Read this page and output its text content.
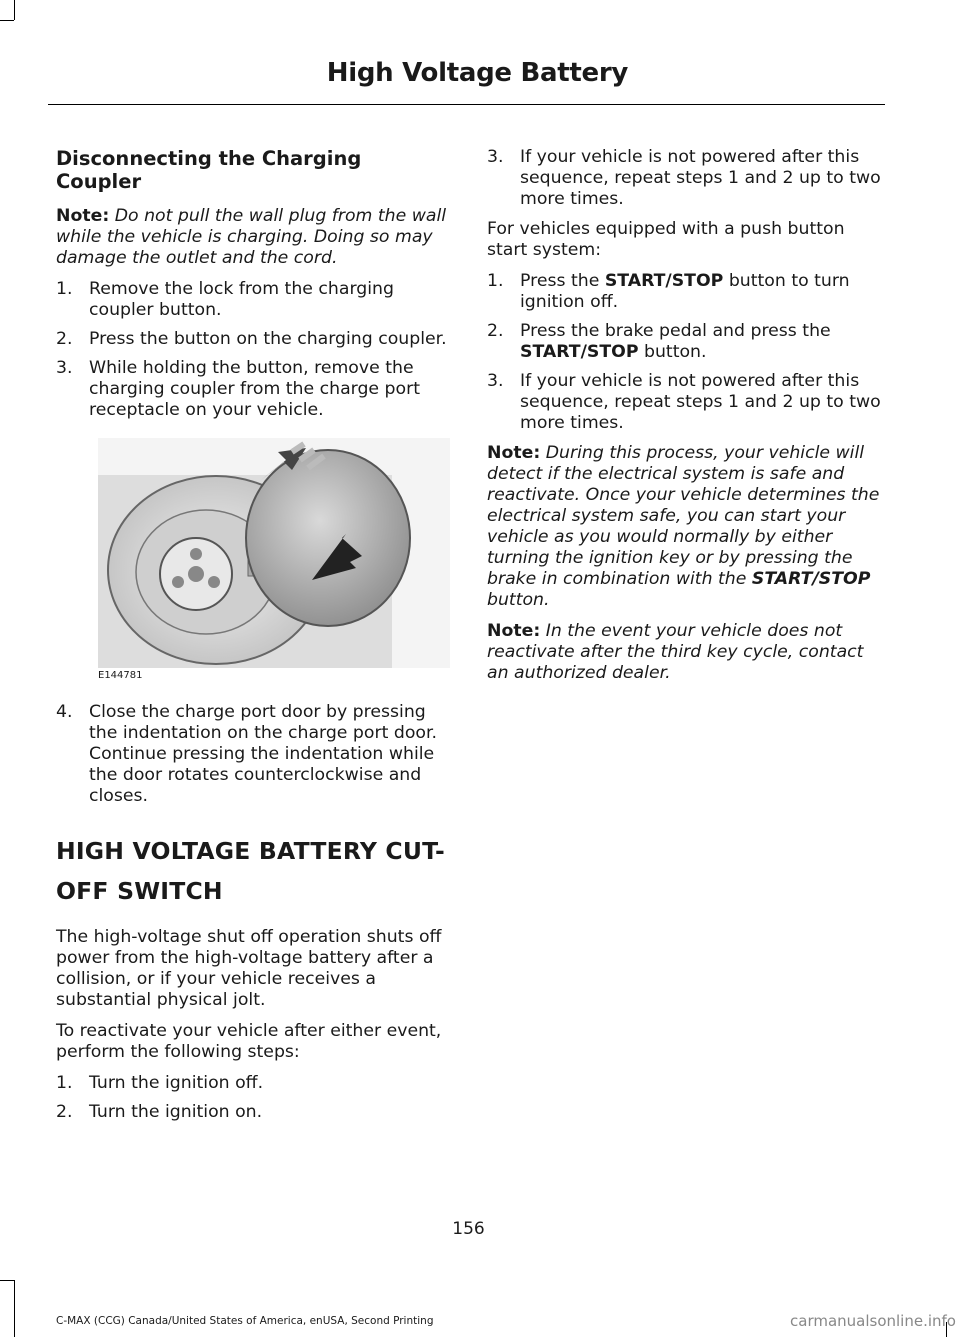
High Voltage Battery
Disconnecting the Charging Coupler

Note: Do not pull the wall plug from the wall while the vehicle is charging. Doing so may damage the outlet and the cord.

1. Remove the lock from the charging coupler button.
2. Press the button on the charging coupler.
3. While holding the button, remove the charging coupler from the charge port receptacle on your vehicle.
E144781
4. Close the charge port door by pressing the indentation on the charge port door. Continue pressing the indentation while the door rotates counterclockwise and closes.
HIGH VOLTAGE BATTERY CUT-
OFF SWITCH

The high-voltage shut off operation shuts off power from the high-voltage battery after a collision, or if your vehicle receives a substantial physical jolt.

To reactivate your vehicle after either event, perform the following steps:

1. Turn the ignition off.
2. Turn the ignition on.
3. If your vehicle is not powered after this sequence, repeat steps 1 and 2 up to two more times.

For vehicles equipped with a push button start system:

1. Press the START/STOP button to turn ignition off.
2. Press the brake pedal and press the START/STOP button.
3. If your vehicle is not powered after this sequence, repeat steps 1 and 2 up to two more times.

Note: During this process, your vehicle will detect if the electrical system is safe and reactivate. Once your vehicle determines the electrical system safe, you can start your vehicle as you would normally by either turning the ignition key or by pressing the brake in combination with the START/STOP button.

Note: In the event your vehicle does not reactivate after the third key cycle, contact an authorized dealer.

156
C-MAX (CCG) Canada/United States of America, enUSA, Second Printing	carmanualsonline.info
